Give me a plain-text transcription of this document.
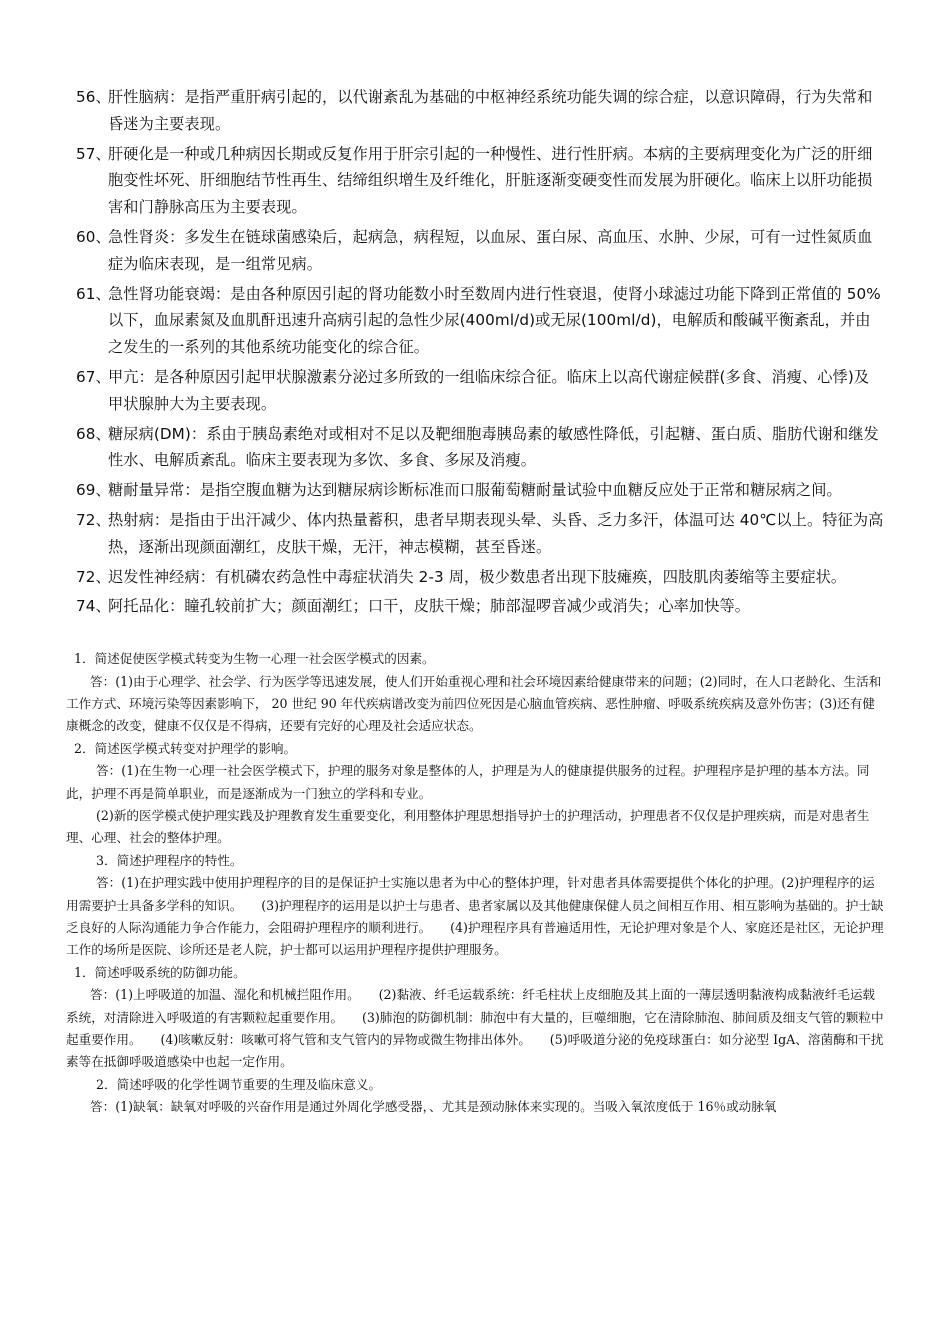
56、
肝性脑病：是指严重肝病引起的，以代谢紊乱为基础的中枢神经系统功能失调的综合症，以意识障碍，行为失常和昏迷为主要表现。

57、
肝硬化是一种或几种病因长期或反复作用于肝宗引起的一种慢性、进行性肝病。本病的主要病理变化为广泛的肝细胞变性坏死、肝细胞结节性再生、结缔组织增生及纤维化，肝脏逐渐变硬变性而发展为肝硬化。临床上以肝功能损害和门静脉高压为主要表现。

60、
急性肾炎：多发生在链球菌感染后，起病急，病程短，以血尿、蛋白尿、高血压、水肿、少尿，可有一过性氮质血症为临床表现，是一组常见病。

61、
急性肾功能衰竭：是由各种原因引起的肾功能数小时至数周内进行性衰退，使肾小球滤过功能下降到正常值的 50%以下，血尿素氮及血肌酐迅速升高病引起的急性少尿(400ml/d)或无尿(100ml/d)，电解质和酸碱平衡紊乱，并由之发生的一系列的其他系统功能变化的综合征。

67、
甲亢：是各种原因引起甲状腺激素分泌过多所致的一组临床综合征。临床上以高代谢症候群(多食、消瘦、心悸)及甲状腺肿大为主要表现。

68、
糖尿病(DM)：系由于胰岛素绝对或相对不足以及靶细胞毒胰岛素的敏感性降低，引起糖、蛋白质、脂肪代谢和继发性水、电解质紊乱。临床主要表现为多饮、多食、多尿及消瘦。

69、
糖耐量异常：是指空腹血糖为达到糖尿病诊断标准而口服葡萄糖耐量试验中血糖反应处于正常和糖尿病之间。

72、
热射病：是指由于出汗减少、体内热量蓄积，患者早期表现头晕、头昏、乏力多汗，体温可达 40℃以上。特征为高热，逐渐出现颜面潮红，皮肤干燥，无汗，神志模糊，甚至昏迷。

72、
迟发性神经病：有机磷农药急性中毒症状消失 2-3 周，极少数患者出现下肢瘫痪，四肢肌肉萎缩等主要症状。

74、
阿托品化：瞳孔较前扩大；颜面潮红；口干，皮肤干燥；肺部湿啰音减少或消失；心率加快等。

1．简述促使医学模式转变为生物一心理一社会医学模式的因素。

答：(1)由于心理学、社会学、行为医学等迅速发展，使人们开始重视心理和社会环境因素给健康带来的问题；(2)同时，在人口老龄化、生活和工作方式、环境污染等因素影响下， 20 世纪 90 年代疾病谱改变为前四位死因是心脑血管疾病、恶性肿瘤、呼吸系统疾病及意外伤害；(3)还有健康概念的改变，健康不仅仅是不得病，还要有完好的心理及社会适应状态。

2．简述医学模式转变对护理学的影响。

答：(1)在生物一心理一社会医学模式下，护理的服务对象是整体的人，护理是为人的健康提供服务的过程。护理程序是护理的基本方法。同此，护理不再是简单职业，而是逐渐成为一门独立的学科和专业。

(2)新的医学模式使护理实践及护理教育发生重要变化，利用整体护理思想指导护士的护理活动，护理患者不仅仅是护理疾病，而是对患者生理、心理、社会的整体护理。

3．简述护理程序的特性。

答：(1)在护理实践中使用护理程序的目的是保证护士实施以患者为中心的整体护理，针对患者具体需要提供个体化的护理。(2)护理程序的运用需要护士具备多学科的知识。　　(3)护理程序的运用是以护士与患者、患者家属以及其他健康保健人员之间相互作用、相互影响为基础的。护士缺乏良好的人际沟通能力争合作能力，会阻碍护理程序的顺利进行。　　(4)护理程序具有普遍适用性，无论护理对象是个人、家庭还是社区，无论护理工作的场所是医院、诊所还是老人院，护士都可以运用护理程序提供护理服务。

1．简述呼吸系统的防御功能。

答：(1)上呼吸道的加温、湿化和机械拦阻作用。　　(2)黏液、纤毛运载系统：纤毛柱状上皮细胞及其上面的一薄层透明黏液构成黏液纤毛运载系统，对清除进入呼吸道的有害颗粒起重要作用。　　(3)肺泡的防御机制：肺泡中有大量的，巨噬细胞，它在清除肺泡、肺间质及细支气管的颗粒中起重要作用。　　(4)咳嗽反射：咳嗽可将气管和支气管内的异物或微生物排出体外。　　(5)呼吸道分泌的免疫球蛋白：如分泌型 IgA、溶菌酶和干扰素等在抵御呼吸道感染中也起一定作用。

2．简述呼吸的化学性调节重要的生理及临床意义。

答：(1)缺氧：缺氧对呼吸的兴奋作用是通过外周化学感受器，、尤其是颈动脉体来实现的。当吸入氧浓度低于 16％或动脉氧
